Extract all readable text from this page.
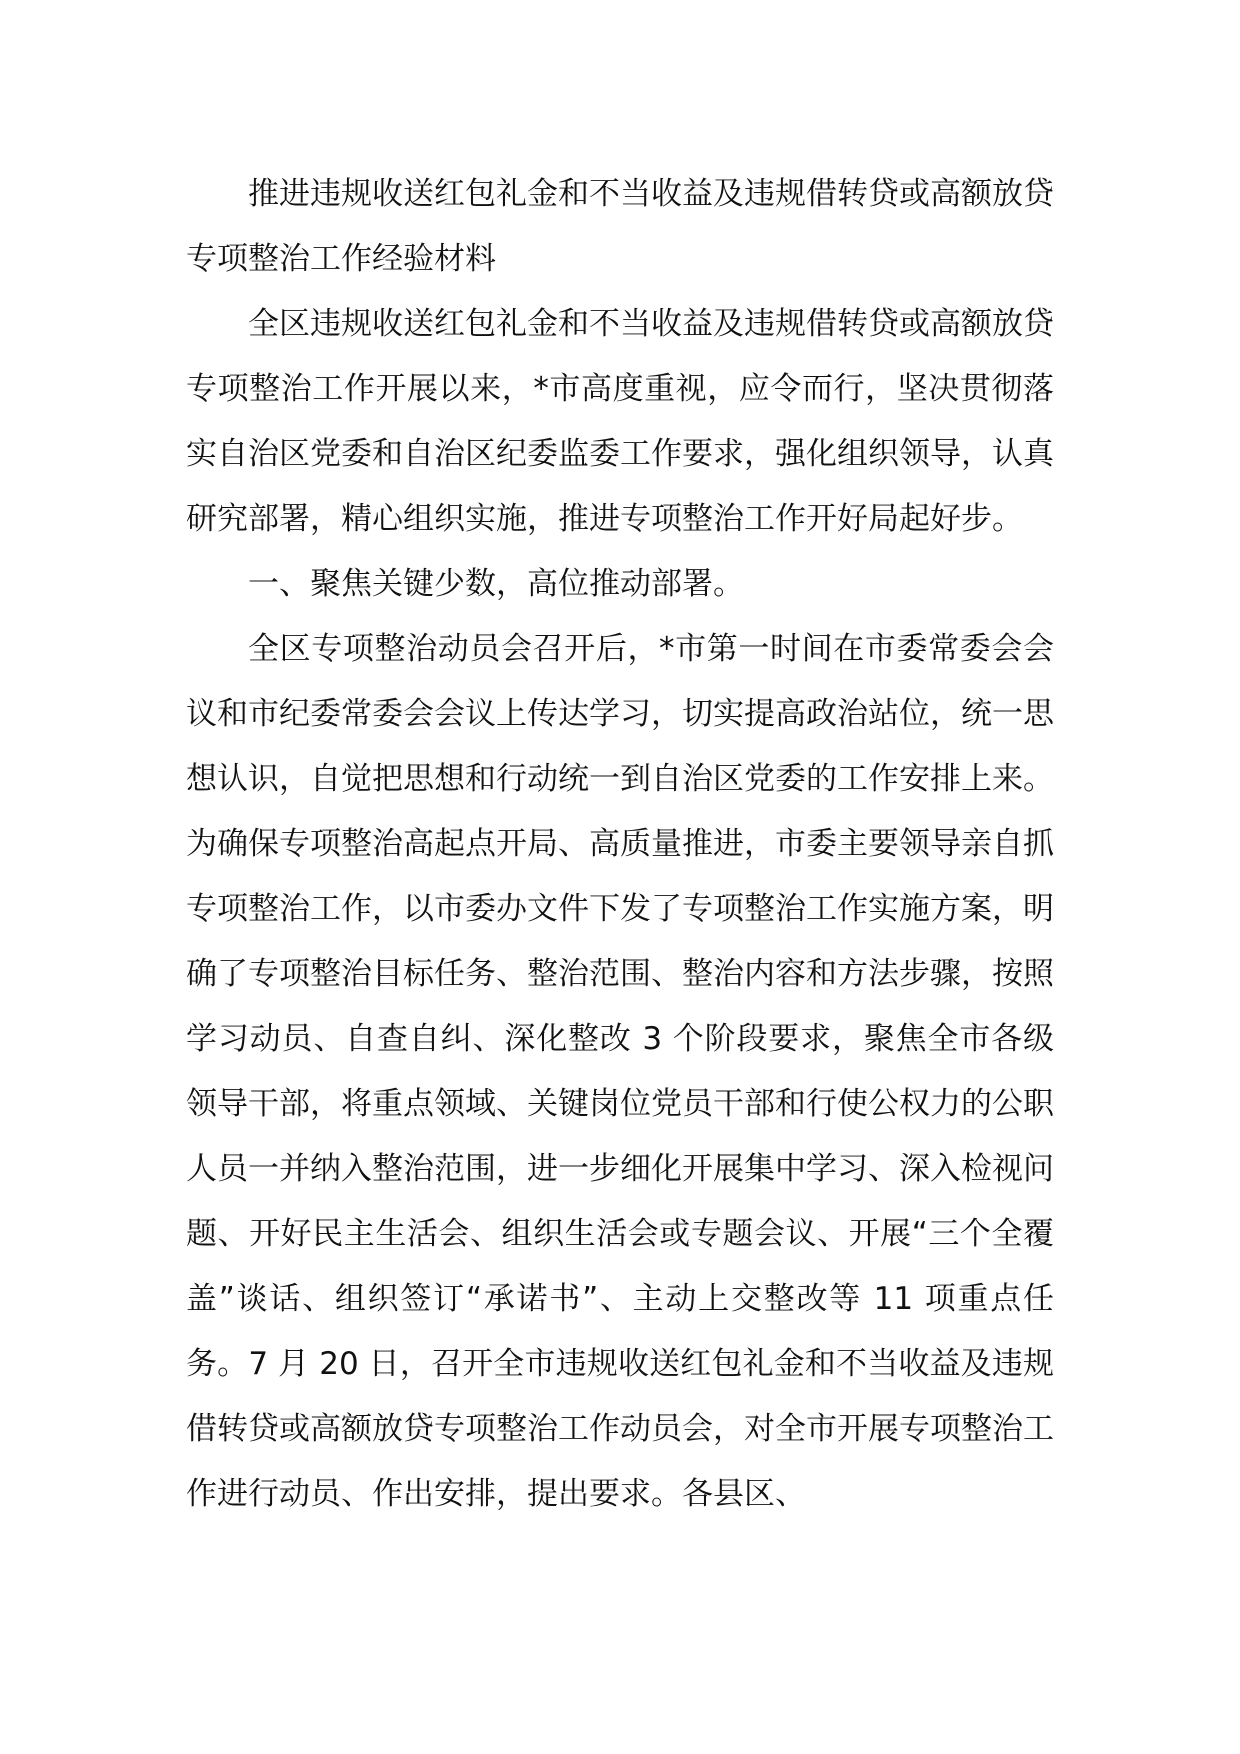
推进违规收送红包礼金和不当收益及违规借转贷或高额放贷专项整治工作经验材料

全区违规收送红包礼金和不当收益及违规借转贷或高额放贷专项整治工作开展以来，*市高度重视，应令而行，坚决贯彻落实自治区党委和自治区纪委监委工作要求，强化组织领导，认真研究部署，精心组织实施，推进专项整治工作开好局起好步。

一、聚焦关键少数，高位推动部署。

全区专项整治动员会召开后，*市第一时间在市委常委会会议和市纪委常委会会议上传达学习，切实提高政治站位，统一思想认识，自觉把思想和行动统一到自治区党委的工作安排上来。为确保专项整治高起点开局、高质量推进，市委主要领导亲自抓专项整治工作，以市委办文件下发了专项整治工作实施方案，明确了专项整治目标任务、整治范围、整治内容和方法步骤，按照学习动员、自查自纠、深化整改 3 个阶段要求，聚焦全市各级领导干部，将重点领域、关键岗位党员干部和行使公权力的公职人员一并纳入整治范围，进一步细化开展集中学习、深入检视问题、开好民主生活会、组织生活会或专题会议、开展“三个全覆盖”谈话、组织签订“承诺书”、主动上交整改等 11 项重点任务。7 月 20 日，召开全市违规收送红包礼金和不当收益及违规借转贷或高额放贷专项整治工作动员会，对全市开展专项整治工作进行动员、作出安排，提出要求。各县区、
